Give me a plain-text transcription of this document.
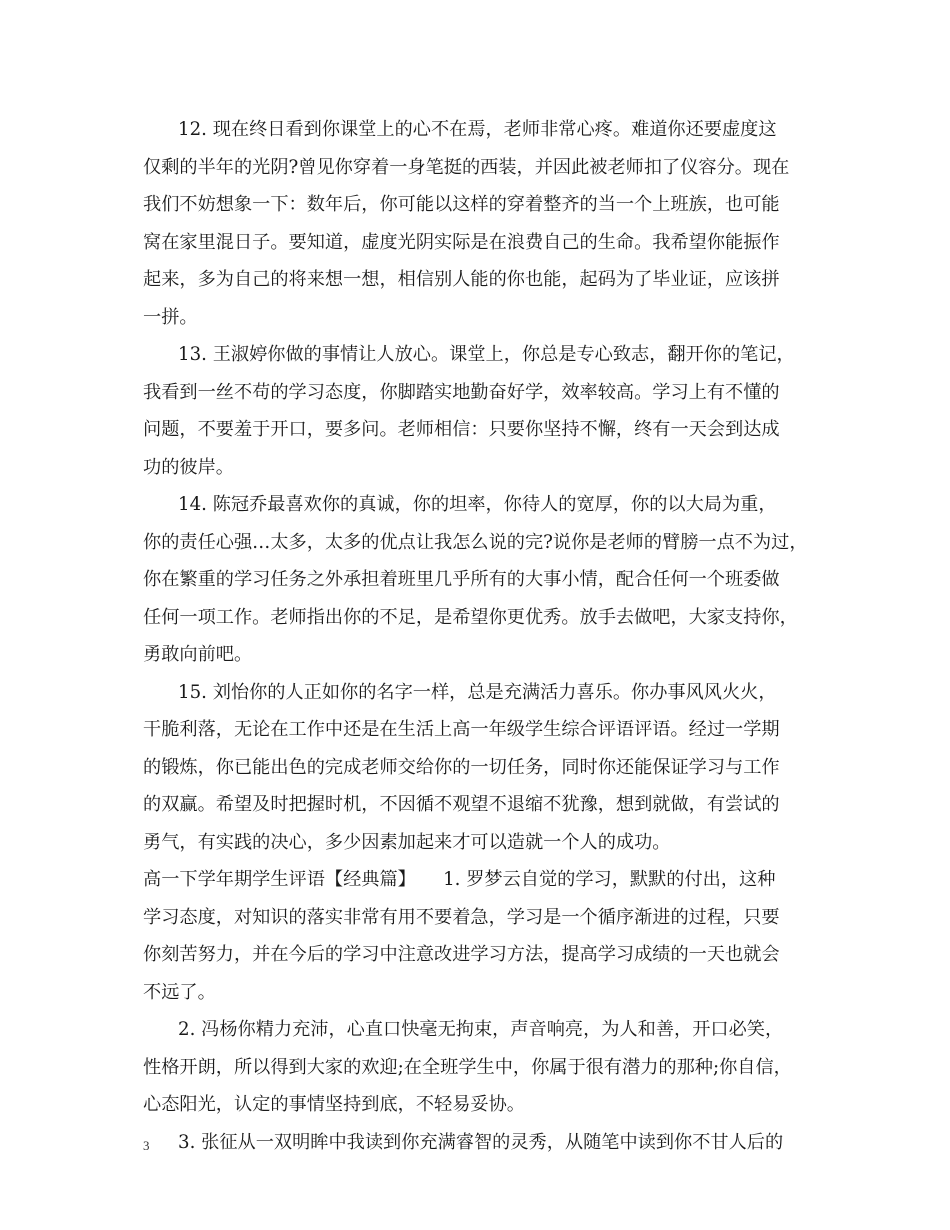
12. 现在终日看到你课堂上的心不在焉，老师非常心疼。难道你还要虚度这
仅剩的半年的光阴?曾见你穿着一身笔挺的西装，并因此被老师扣了仪容分。现在
我们不妨想象一下：数年后，你可能以这样的穿着整齐的当一个上班族，也可能
窝在家里混日子。要知道，虚度光阴实际是在浪费自己的生命。我希望你能振作
起来，多为自己的将来想一想，相信别人能的你也能，起码为了毕业证，应该拼
一拼。
13. 王淑婷你做的事情让人放心。课堂上，你总是专心致志，翻开你的笔记，
我看到一丝不苟的学习态度，你脚踏实地勤奋好学，效率较高。学习上有不懂的
问题，不要羞于开口，要多问。老师相信：只要你坚持不懈，终有一天会到达成
功的彼岸。
14. 陈冠乔最喜欢你的真诚，你的坦率，你待人的宽厚，你的以大局为重，
你的责任心强…太多，太多的优点让我怎么说的完?说你是老师的臂膀一点不为过，
你在繁重的学习任务之外承担着班里几乎所有的大事小情，配合任何一个班委做
任何一项工作。老师指出你的不足，是希望你更优秀。放手去做吧，大家支持你，
勇敢向前吧。
15. 刘怡你的人正如你的名字一样，总是充满活力喜乐。你办事风风火火，
干脆利落，无论在工作中还是在生活上高一年级学生综合评语评语。经过一学期
的锻炼，你已能出色的完成老师交给你的一切任务，同时你还能保证学习与工作
的双赢。希望及时把握时机，不因循不观望不退缩不犹豫，想到就做，有尝试的
勇气，有实践的决心，多少因素加起来才可以造就一个人的成功。
高一下学年期学生评语【经典篇】　　1. 罗梦云自觉的学习，默默的付出，这种
学习态度，对知识的落实非常有用不要着急，学习是一个循序渐进的过程，只要
你刻苦努力，并在今后的学习中注意改进学习方法，提高学习成绩的一天也就会
不远了。
2. 冯杨你精力充沛，心直口快毫无拘束，声音响亮，为人和善，开口必笑，
性格开朗，所以得到大家的欢迎;在全班学生中，你属于很有潜力的那种;你自信，
心态阳光，认定的事情坚持到底，不轻易妥协。
3. 张征从一双明眸中我读到你充满睿智的灵秀，从随笔中读到你不甘人后的
3
